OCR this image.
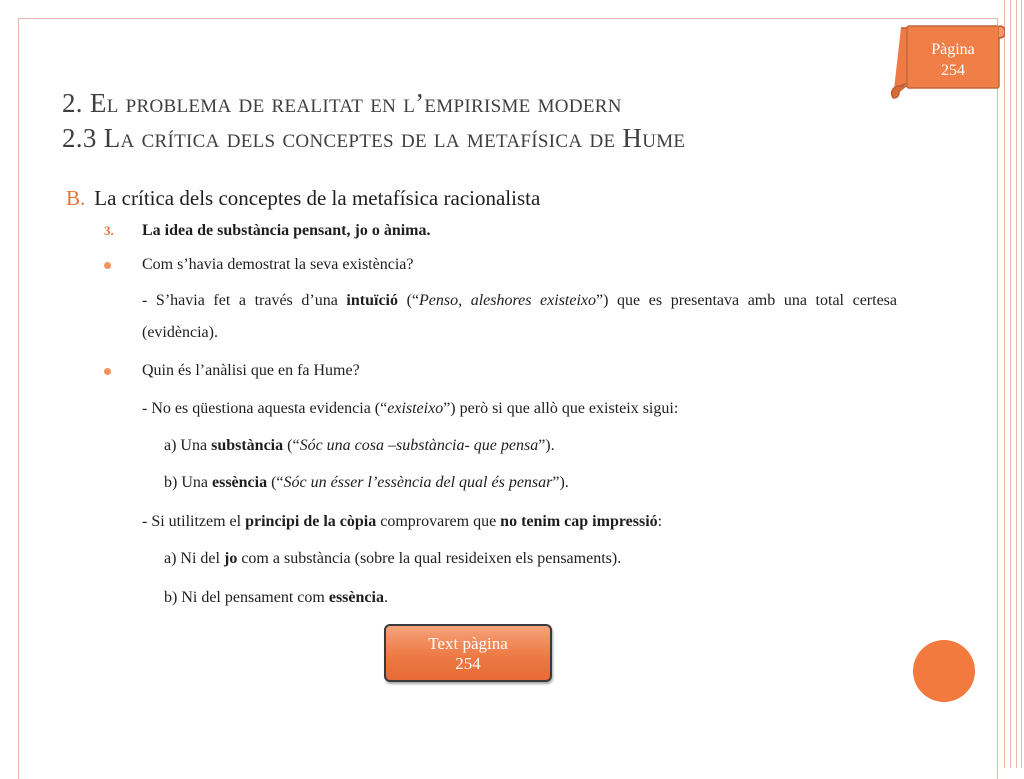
Pàgina
254
2. El problema de realitat en l’empirisme modern
2.3 La crítica dels conceptes de la metafísica de Hume
B. La crítica dels conceptes de la metafísica racionalista
3. La idea de substància pensant, jo o ànima.
Com s’havia demostrat la seva existència?
- S’havia fet a través d’una intuïció (“Penso, aleshores existeixo”) que es presentava amb una total certesa (evidència).
Quin és l’anàlisi que en fa Hume?
- No es qüestiona aquesta evidencia (“existeixo”) però si que allò que existeix sigui:
a) Una substància (“Sóc una cosa –substància- que pensa”).
b) Una essència (“Sóc un ésser l’essència del qual és pensar”).
- Si utilitzem el principi de la còpia comprovarem que no tenim cap impressió:
a) Ni del jo com a substància (sobre la qual resideixen els pensaments).
b) Ni del pensament com essència.
Text pàgina
254
